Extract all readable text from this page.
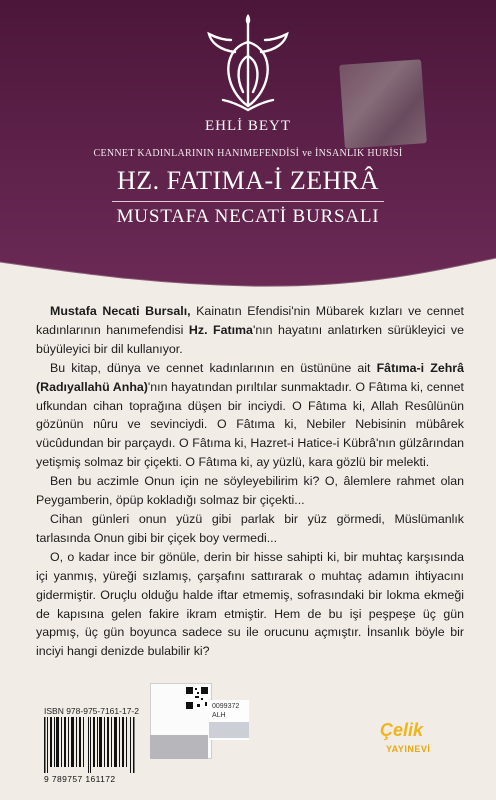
EHLİ BEYT
CENNET KADINLARININ HANIMEFENDİSİ ve İNSANLIK HURİSİ
HZ. FATIMA-İ ZEHRÂ
MUSTAFA NECATİ BURSALI

Mustafa Necati Bursalı, Kainatın Efendisi'nin Mübarek kızları ve cennet kadınlarının hanımefendisi Hz. Fatıma'nın hayatını anlatırken sürükleyici ve büyüleyici bir dil kullanıyor.

Bu kitap, dünya ve cennet kadınlarının en üstününe ait Fâtıma-i Zehrâ (Radıyallahü Anha)'nın hayatından pırıltılar sunmaktadır. O Fâtıma ki, cennet ufkundan cihan toprağına düşen bir inciydi. O Fâtıma ki, Allah Resûlünün gözünün nûru ve sevinciydi. O Fâtıma ki, Nebiler Nebisinin mübârek vücûdundan bir parçaydı. O Fâtıma ki, Hazret-i Hatice-i Kübrâ'nın gülzârından yetişmiş solmaz bir çiçekti. O Fâtıma ki, ay yüzlü, kara gözlü bir melekti.

Ben bu aczimle Onun için ne söyleyebilirim ki? O, âlemlere rahmet olan Peygamberin, öpüp kokladığı solmaz bir çiçekti...

Cihan günleri onun yüzü gibi parlak bir yüz görmedi, Müslümanlık tarlasında Onun gibi bir çiçek boy vermedi...

O, o kadar ince bir gönüle, derin bir hisse sahipti ki, bir muhtaç karşısında içi yanmış, yüreği sızlamış, çarşafını sattırarak o muhtaç adamın ihtiyacını gidermiştir. Oruçlu olduğu halde iftar etmemiş, sofrasındaki bir lokma ekmeği de kapısına gelen fakire ikram etmiştir. Hem de bu işi peşpeşe üç gün yapmış, üç gün boyunca sadece su ile orucunu açmıştır. İnsanlık böyle bir inciyi hangi denizde bulabilir ki?

ISBN 978-975-7161-17-2
9 789757 161172
0099372
ALH
Çelik
YAYINEVİ
